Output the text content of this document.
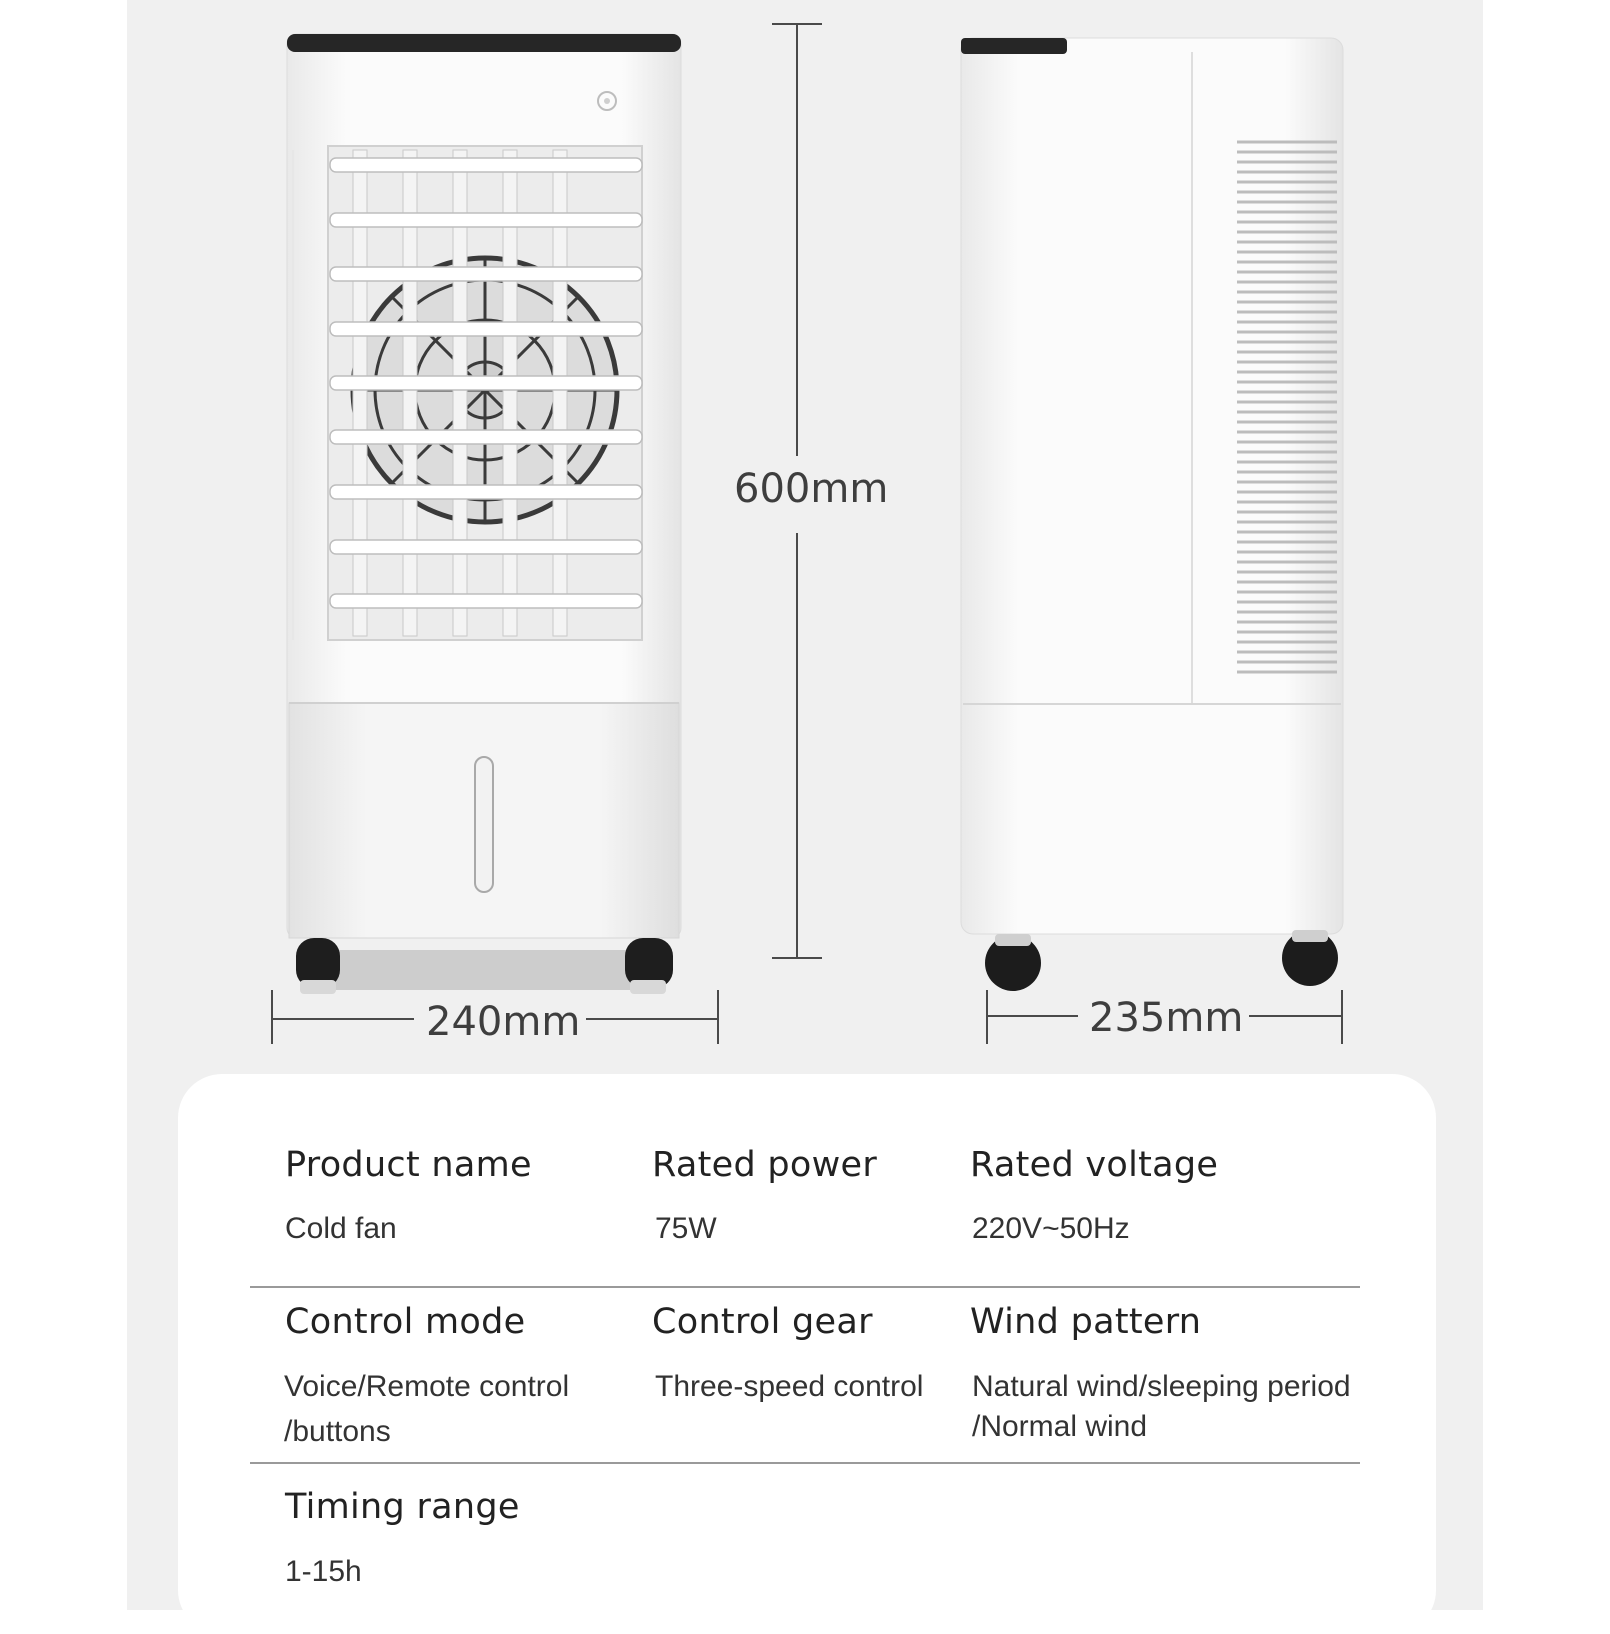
600mm
240mm	235mm
Product name
Cold fan
Rated power
75W
Rated voltage
220V~50Hz
Control mode
Voice/Remote control
/buttons
Control gear
Three-speed control
Wind pattern
Natural wind/sleeping period
/Normal wind
Timing range
1-15h
